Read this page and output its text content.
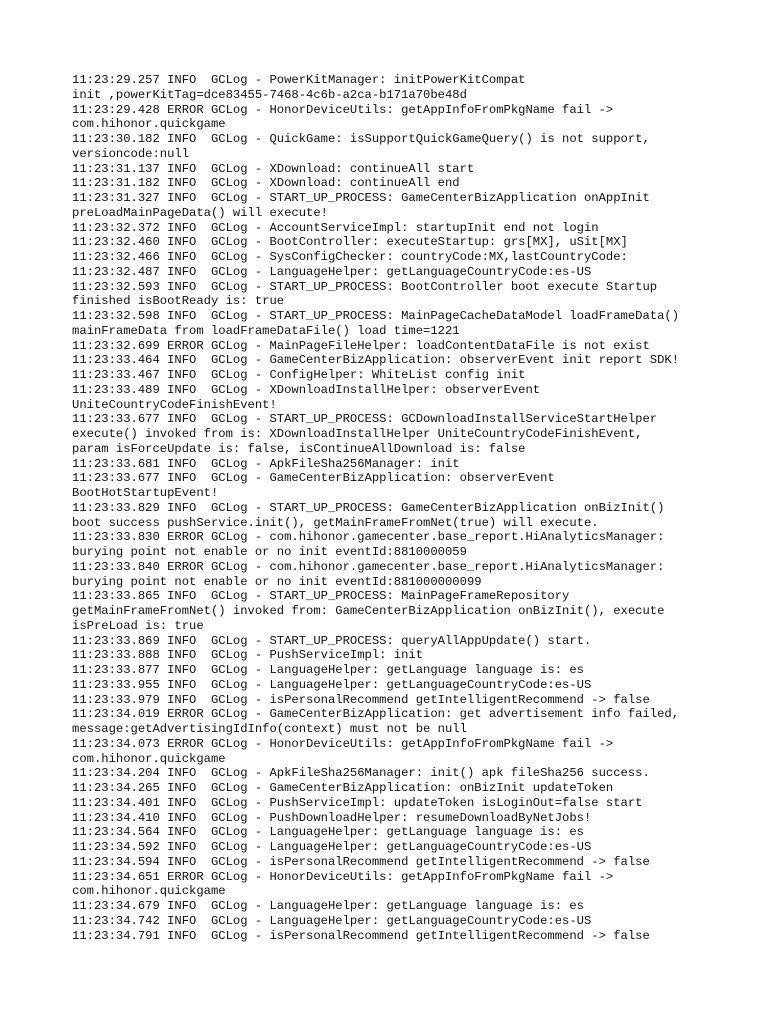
11:23:29.257 INFO  GCLog - PowerKitManager: initPowerKitCompat
init ,powerKitTag=dce83455-7468-4c6b-a2ca-b171a70be48d
11:23:29.428 ERROR GCLog - HonorDeviceUtils: getAppInfoFromPkgName fail ->
com.hihonor.quickgame
11:23:30.182 INFO  GCLog - QuickGame: isSupportQuickGameQuery() is not support,
versioncode:null
11:23:31.137 INFO  GCLog - XDownload: continueAll start
11:23:31.182 INFO  GCLog - XDownload: continueAll end
11:23:31.327 INFO  GCLog - START_UP_PROCESS: GameCenterBizApplication onAppInit
preLoadMainPageData() will execute!
11:23:32.372 INFO  GCLog - AccountServiceImpl: startupInit end not login
11:23:32.460 INFO  GCLog - BootController: executeStartup: grs[MX], uSit[MX]
11:23:32.466 INFO  GCLog - SysConfigChecker: countryCode:MX,lastCountryCode:
11:23:32.487 INFO  GCLog - LanguageHelper: getLanguageCountryCode:es-US
11:23:32.593 INFO  GCLog - START_UP_PROCESS: BootController boot execute Startup
finished isBootReady is: true
11:23:32.598 INFO  GCLog - START_UP_PROCESS: MainPageCacheDataModel loadFrameData()
mainFrameData from loadFrameDataFile() load time=1221
11:23:32.699 ERROR GCLog - MainPageFileHelper: loadContentDataFile is not exist
11:23:33.464 INFO  GCLog - GameCenterBizApplication: observerEvent init report SDK!
11:23:33.467 INFO  GCLog - ConfigHelper: WhiteList config init
11:23:33.489 INFO  GCLog - XDownloadInstallHelper: observerEvent
UniteCountryCodeFinishEvent!
11:23:33.677 INFO  GCLog - START_UP_PROCESS: GCDownloadInstallServiceStartHelper
execute() invoked from is: XDownloadInstallHelper UniteCountryCodeFinishEvent,
param isForceUpdate is: false, isContinueAllDownload is: false
11:23:33.681 INFO  GCLog - ApkFileSha256Manager: init
11:23:33.677 INFO  GCLog - GameCenterBizApplication: observerEvent
BootHotStartupEvent!
11:23:33.829 INFO  GCLog - START_UP_PROCESS: GameCenterBizApplication onBizInit()
boot success pushService.init(), getMainFrameFromNet(true) will execute.
11:23:33.830 ERROR GCLog - com.hihonor.gamecenter.base_report.HiAnalyticsManager:
burying point not enable or no init eventId:8810000059
11:23:33.840 ERROR GCLog - com.hihonor.gamecenter.base_report.HiAnalyticsManager:
burying point not enable or no init eventId:881000000099
11:23:33.865 INFO  GCLog - START_UP_PROCESS: MainPageFrameRepository
getMainFrameFromNet() invoked from: GameCenterBizApplication onBizInit(), execute
isPreLoad is: true
11:23:33.869 INFO  GCLog - START_UP_PROCESS: queryAllAppUpdate() start.
11:23:33.888 INFO  GCLog - PushServiceImpl: init
11:23:33.877 INFO  GCLog - LanguageHelper: getLanguage language is: es
11:23:33.955 INFO  GCLog - LanguageHelper: getLanguageCountryCode:es-US
11:23:33.979 INFO  GCLog - isPersonalRecommend getIntelligentRecommend -> false
11:23:34.019 ERROR GCLog - GameCenterBizApplication: get advertisement info failed,
message:getAdvertisingIdInfo(context) must not be null
11:23:34.073 ERROR GCLog - HonorDeviceUtils: getAppInfoFromPkgName fail ->
com.hihonor.quickgame
11:23:34.204 INFO  GCLog - ApkFileSha256Manager: init() apk fileSha256 success.
11:23:34.265 INFO  GCLog - GameCenterBizApplication: onBizInit updateToken
11:23:34.401 INFO  GCLog - PushServiceImpl: updateToken isLoginOut=false start
11:23:34.410 INFO  GCLog - PushDownloadHelper: resumeDownloadByNetJobs!
11:23:34.564 INFO  GCLog - LanguageHelper: getLanguage language is: es
11:23:34.592 INFO  GCLog - LanguageHelper: getLanguageCountryCode:es-US
11:23:34.594 INFO  GCLog - isPersonalRecommend getIntelligentRecommend -> false
11:23:34.651 ERROR GCLog - HonorDeviceUtils: getAppInfoFromPkgName fail ->
com.hihonor.quickgame
11:23:34.679 INFO  GCLog - LanguageHelper: getLanguage language is: es
11:23:34.742 INFO  GCLog - LanguageHelper: getLanguageCountryCode:es-US
11:23:34.791 INFO  GCLog - isPersonalRecommend getIntelligentRecommend -> false
